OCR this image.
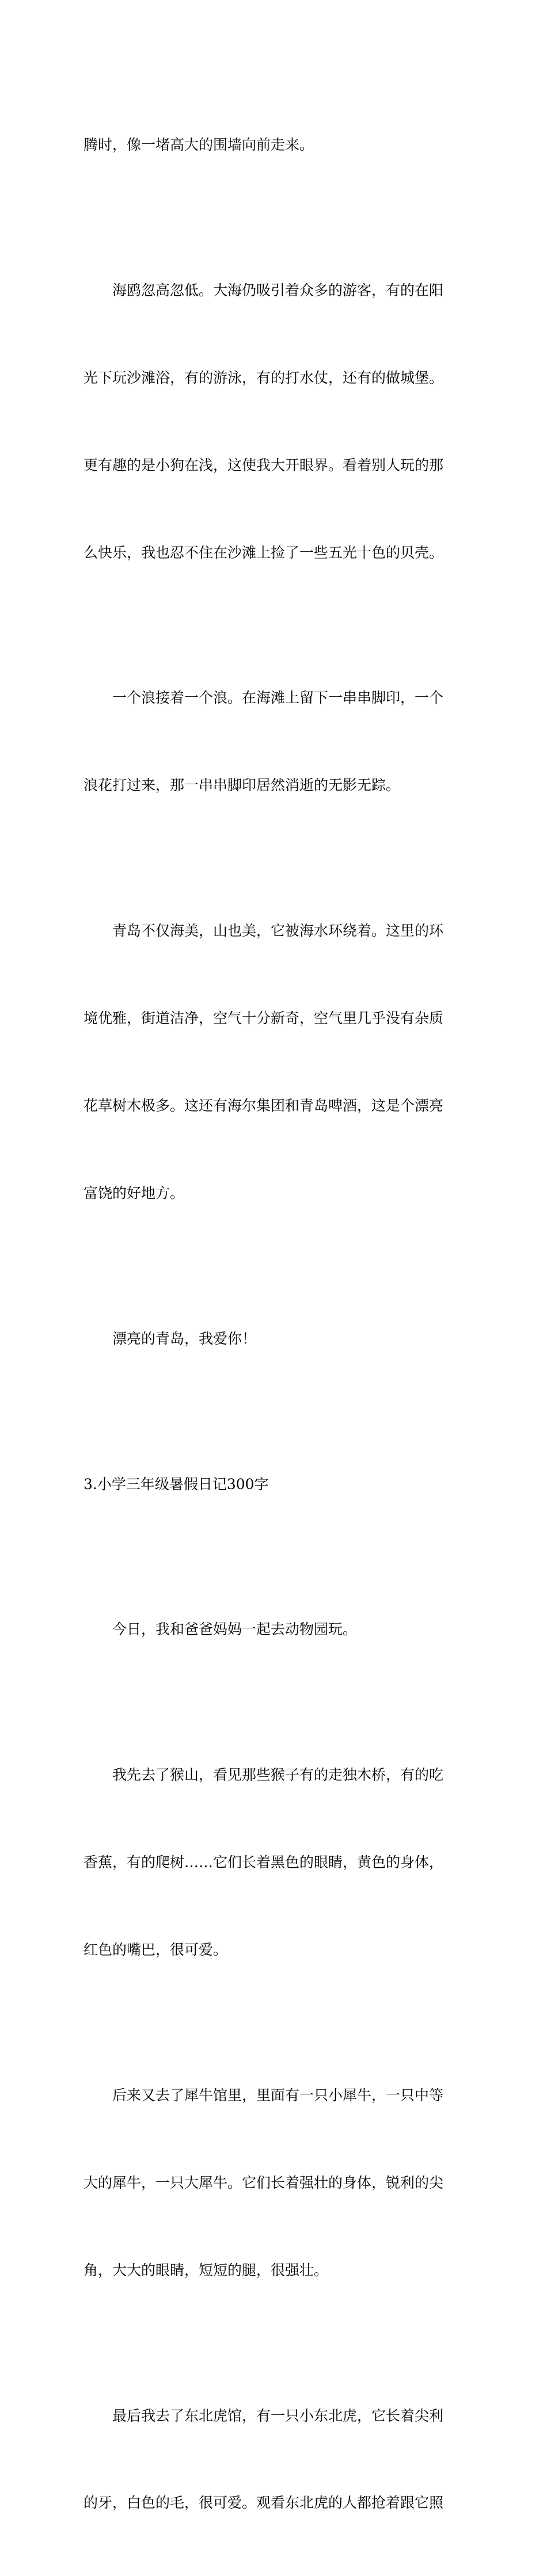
腾时，像一堵高大的围墙向前走来。

海鸥忽高忽低。大海仍吸引着众多的游客，有的在阳

光下玩沙滩浴，有的游泳，有的打水仗，还有的做城堡。

更有趣的是小狗在浅，这使我大开眼界。看着别人玩的那

么快乐，我也忍不住在沙滩上捡了一些五光十色的贝壳。

一个浪接着一个浪。在海滩上留下一串串脚印，一个

浪花打过来，那一串串脚印居然消逝的无影无踪。

青岛不仅海美，山也美，它被海水环绕着。这里的环

境优雅，街道洁净，空气十分新奇，空气里几乎没有杂质

花草树木极多。这还有海尔集团和青岛啤酒，这是个漂亮

富饶的好地方。

漂亮的青岛，我爱你！

3.小学三年级暑假日记300字

今日，我和爸爸妈妈一起去动物园玩。

我先去了猴山，看见那些猴子有的走独木桥，有的吃

香蕉，有的爬树……它们长着黑色的眼睛，黄色的身体，

红色的嘴巴，很可爱。

后来又去了犀牛馆里，里面有一只小犀牛，一只中等

大的犀牛，一只大犀牛。它们长着强壮的身体，锐利的尖

角，大大的眼睛，短短的腿，很强壮。

最后我去了东北虎馆，有一只小东北虎，它长着尖利

的牙，白色的毛，很可爱。观看东北虎的人都抢着跟它照
